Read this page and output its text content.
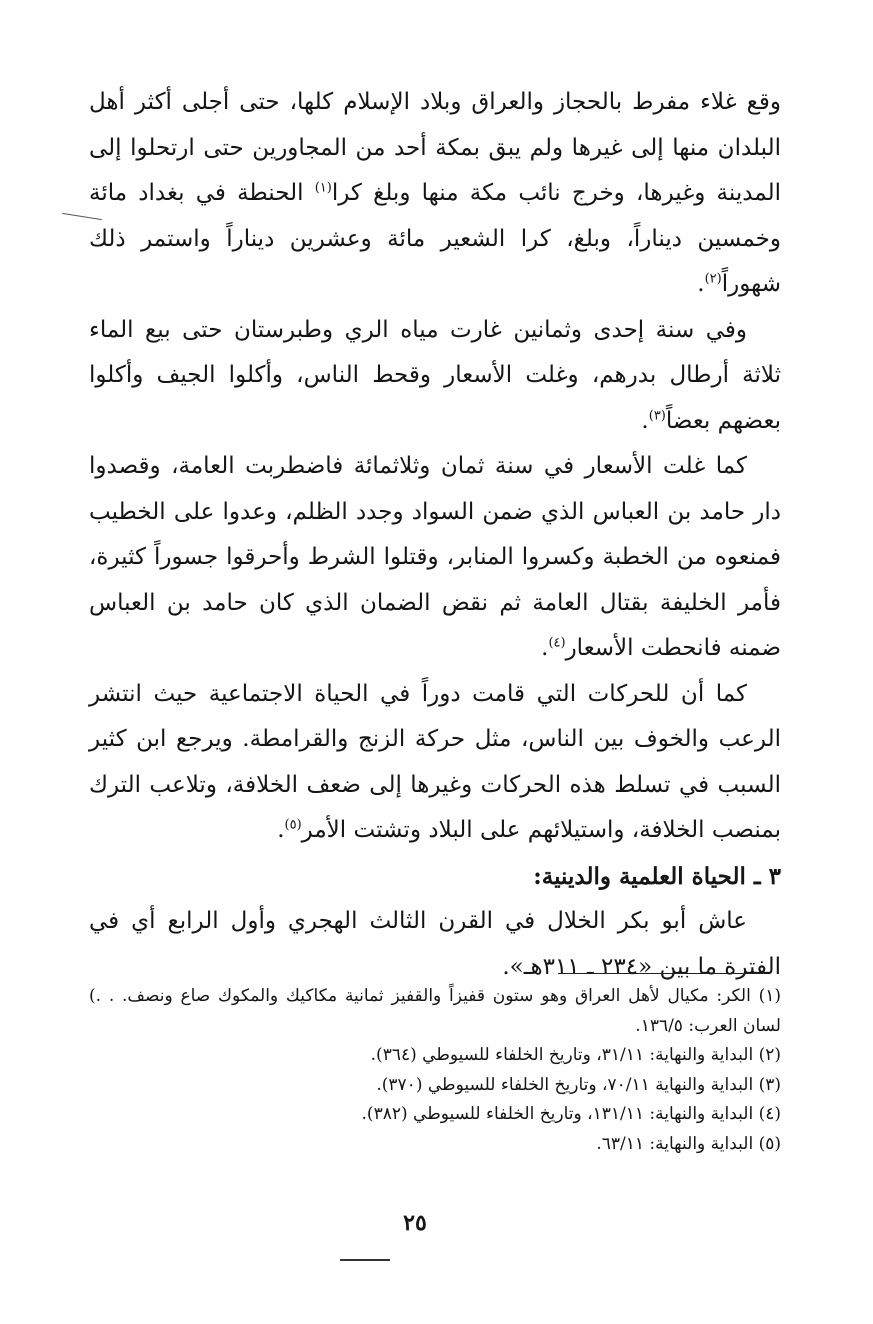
وقع غلاء مفرط بالحجاز والعراق وبلاد الإسلام كلها، حتى أجلى أكثر أهل البلدان منها إلى غيرها ولم يبق بمكة أحد من المجاورين حتى ارتحلوا إلى المدينة وغيرها، وخرج نائب مكة منها وبلغ كرا$^{(١)}$ الحنطة في بغداد مائة وخمسين ديناراً، وبلغ، كرا الشعير مائة وعشرين ديناراً واستمر ذلك شهوراً$^{(٢)}$.

وفي سنة إحدى وثمانين غارت مياه الري وطبرستان حتى بيع الماء ثلاثة أرطال بدرهم، وغلت الأسعار وقحط الناس، وأكلوا الجيف وأكلوا بعضهم بعضاً$^{(٣)}$.

كما غلت الأسعار في سنة ثمان وثلاثمائة فاضطربت العامة، وقصدوا دار حامد بن العباس الذي ضمن السواد وجدد الظلم، وعدوا على الخطيب فمنعوه من الخطبة وكسروا المنابر، وقتلوا الشرط وأحرقوا جسوراً كثيرة، فأمر الخليفة بقتال العامة ثم نقض الضمان الذي كان حامد بن العباس ضمنه فانحطت الأسعار$^{(٤)}$.

كما أن للحركات التي قامت دوراً في الحياة الاجتماعية حيث انتشر الرعب والخوف بين الناس، مثل حركة الزنج والقرامطة. ويرجع ابن كثير السبب في تسلط هذه الحركات وغيرها إلى ضعف الخلافة، وتلاعب الترك بمنصب الخلافة، واستيلائهم على البلاد وتشتت الأمر$^{(٥)}$.

٣ ـ الحياة العلمية والدينية:

عاش أبو بكر الخلال في القرن الثالث الهجري وأول الرابع أي في الفترة ما بين «٢٣٤ ـ ٣١١هـ».

(١) الكر: مكيال لأهل العراق وهو ستون قفيزاً والقفيز ثمانية مكاكيك والمكوك صاع ونصف. . .) لسان العرب: ١٣٦/٥.

(٢) البداية والنهاية: ٣١/١١، وتاريخ الخلفاء للسيوطي (٣٦٤).

(٣) البداية والنهاية ٧٠/١١، وتاريخ الخلفاء للسيوطي (٣٧٠).

(٤) البداية والنهاية: ١٣١/١١، وتاريخ الخلفاء للسيوطي (٣٨٢).

(٥) البداية والنهاية: ٦٣/١١.

٢٥
